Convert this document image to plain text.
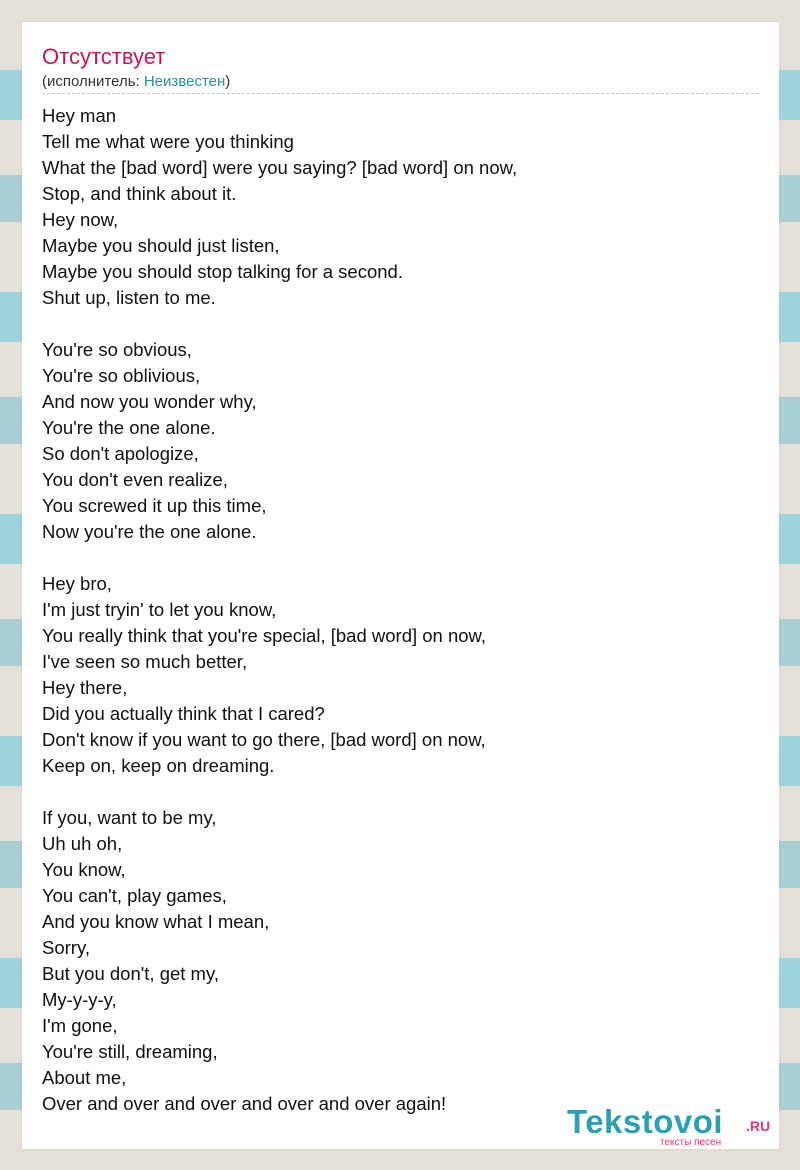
Отсутствует
(исполнитель: Неизвестен)
Hey man
Tell me what were you thinking
What the [bad word] were you saying? [bad word] on now,
Stop, and think about it.
Hey now,
Maybe you should just listen,
Maybe you should stop talking for a second.
Shut up, listen to me.
You're so obvious,
You're so oblivious,
And now you wonder why,
You're the one alone.
So don't apologize,
You don't even realize,
You screwed it up this time,
Now you're the one alone.
Hey bro,
I'm just tryin' to let you know,
You really think that you're special, [bad word] on now,
I've seen so much better,
Hey there,
Did you actually think that I cared?
Don't know if you want to go there, [bad word] on now,
Keep on, keep on dreaming.
If you, want to be my,
Uh uh oh,
You know,
You can't, play games,
And you know what I mean,
Sorry,
But you don't, get my,
My-y-y-y,
I'm gone,
You're still, dreaming,
About me,
Over and over and over and over and over again!	Tekstovoi .RU
тексты песен
